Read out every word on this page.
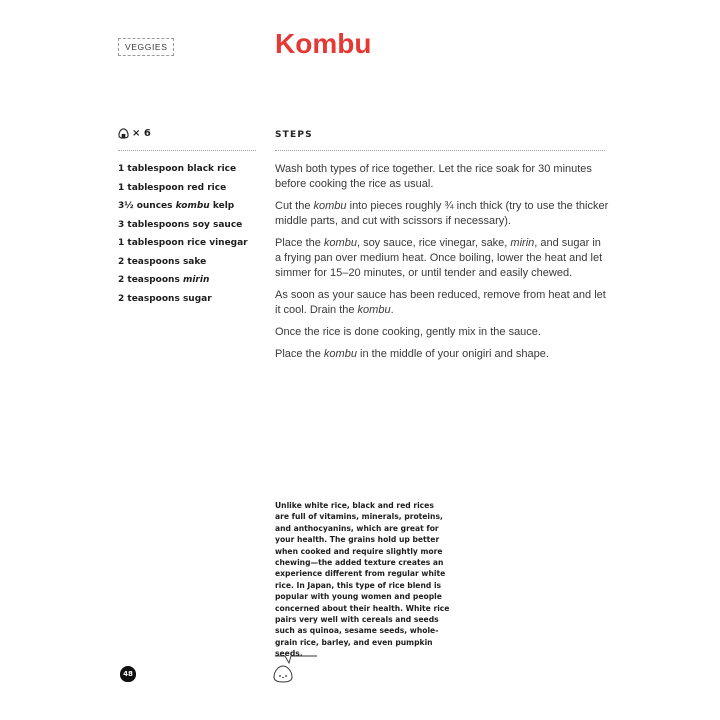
VEGGIES	Kombu
× 6
1 tablespoon black rice
1 tablespoon red rice
3½ ounces kombu kelp
3 tablespoons soy sauce
1 tablespoon rice vinegar
2 teaspoons sake
2 teaspoons mirin
2 teaspoons sugar
STEPS

Wash both types of rice together. Let the rice soak for 30 minutes before cooking the rice as usual.

Cut the kombu into pieces roughly ¾ inch thick (try to use the thicker middle parts, and cut with scissors if necessary).

Place the kombu, soy sauce, rice vinegar, sake, mirin, and sugar in a frying pan over medium heat. Once boiling, lower the heat and let simmer for 15–20 minutes, or until tender and easily chewed.

As soon as your sauce has been reduced, remove from heat and let it cool. Drain the kombu.

Once the rice is done cooking, gently mix in the sauce.

Place the kombu in the middle of your onigiri and shape.

Unlike white rice, black and red rices are full of vitamins, minerals, proteins, and anthocyanins, which are great for your health. The grains hold up better when cooked and require slightly more chewing—the added texture creates an experience different from regular white rice. In Japan, this type of rice blend is popular with young women and people concerned about their health. White rice pairs very well with cereals and seeds such as quinoa, sesame seeds, whole-grain rice, barley, and even pumpkin seeds.

48
